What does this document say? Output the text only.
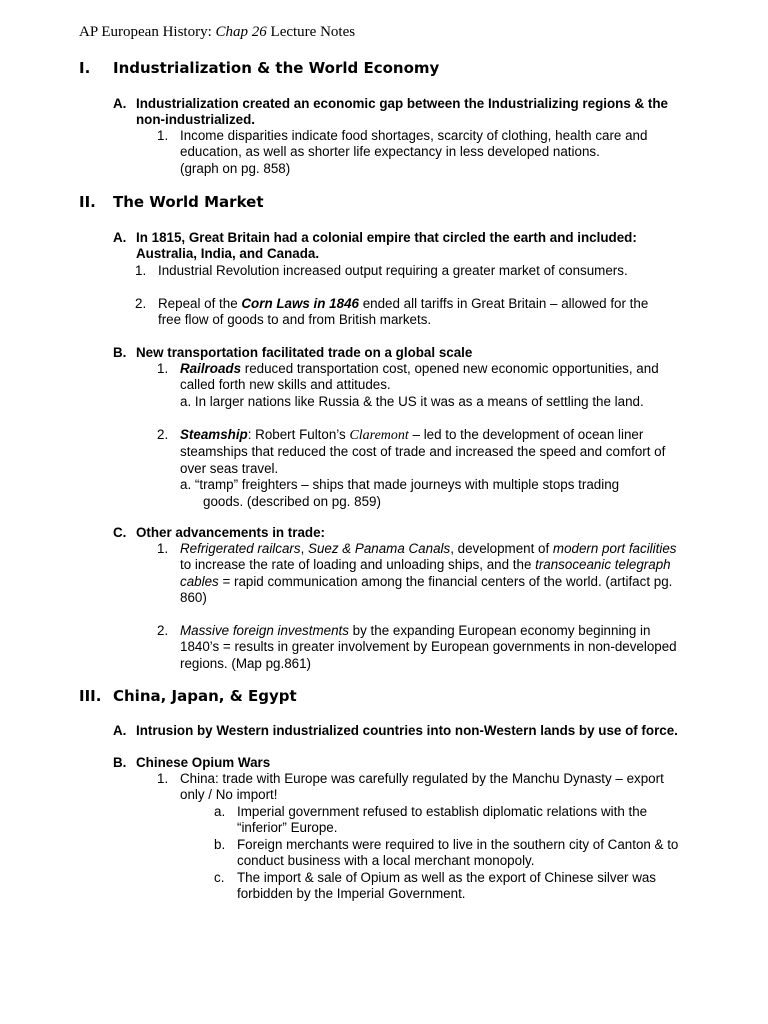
AP European History: Chap 26 Lecture Notes
I. Industrialization & the World Economy
A. Industrialization created an economic gap between the Industrializing regions & the
non-industrialized.
1. Income disparities indicate food shortages, scarcity of clothing, health care and
education, as well as shorter life expectancy in less developed nations.
(graph on pg. 858)
II. The World Market
A. In 1815, Great Britain had a colonial empire that circled the earth and included:
Australia, India, and Canada.
1. Industrial Revolution increased output requiring a greater market of consumers.
2. Repeal of the Corn Laws in 1846 ended all tariffs in Great Britain – allowed for the
free flow of goods to and from British markets.
B. New transportation facilitated trade on a global scale
1. Railroads reduced transportation cost, opened new economic opportunities, and
called forth new skills and attitudes.
a. In larger nations like Russia & the US it was as a means of settling the land.
2. Steamship: Robert Fulton’s Claremont – led to the development of ocean liner
steamships that reduced the cost of trade and increased the speed and comfort of
over seas travel.
a. “tramp” freighters – ships that made journeys with multiple stops trading
goods. (described on pg. 859)
C. Other advancements in trade:
1. Refrigerated railcars, Suez & Panama Canals, development of modern port facilities
to increase the rate of loading and unloading ships, and the transoceanic telegraph
cables = rapid communication among the financial centers of the world. (artifact pg.
860)
2. Massive foreign investments by the expanding European economy beginning in
1840’s = results in greater involvement by European governments in non-developed
regions. (Map pg.861)
III. China, Japan, & Egypt
A. Intrusion by Western industrialized countries into non-Western lands by use of force.
B. Chinese Opium Wars
1. China: trade with Europe was carefully regulated by the Manchu Dynasty – export
only / No import!
a. Imperial government refused to establish diplomatic relations with the
“inferior” Europe.
b. Foreign merchants were required to live in the southern city of Canton & to
conduct business with a local merchant monopoly.
c. The import & sale of Opium as well as the export of Chinese silver was
forbidden by the Imperial Government.
